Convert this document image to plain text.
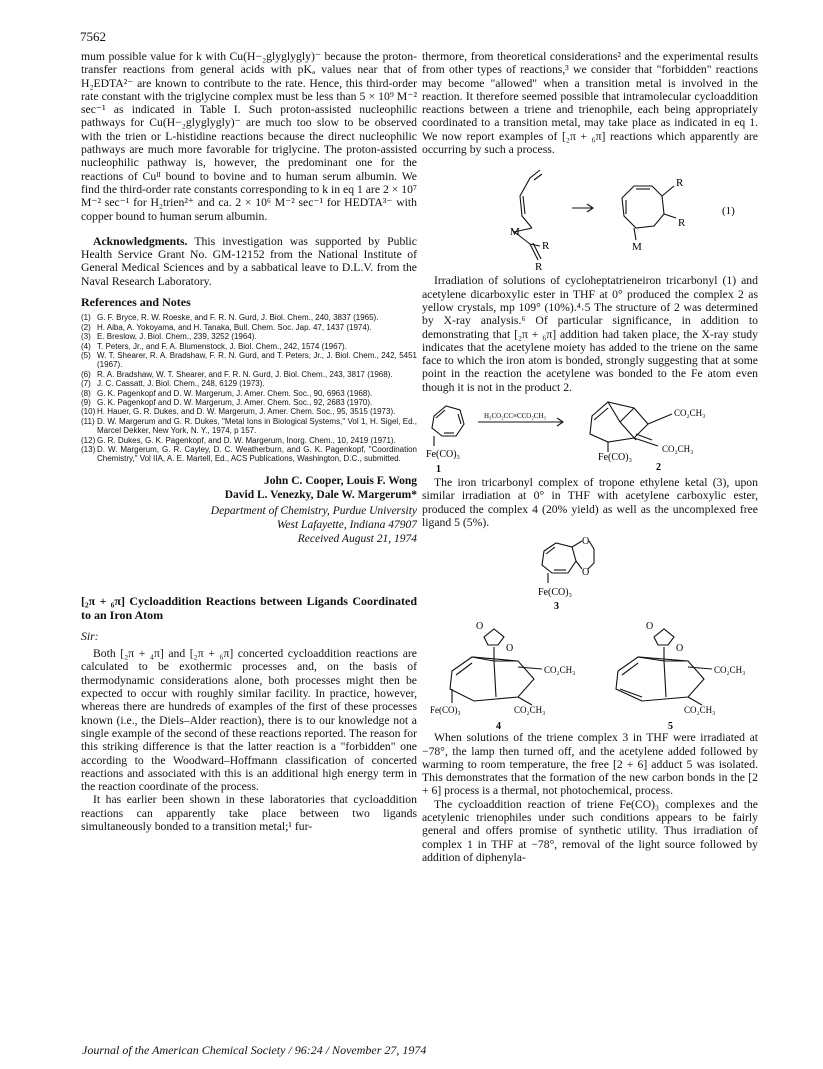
7562

mum possible value for k with Cu(H−₂glyglygly)⁻ because the proton-transfer reactions from general acids with pKₐ values near that of H₂EDTA²⁻ are known to contribute to the rate. Hence, this third-order rate constant with the triglycine complex must be less than 5 × 10⁹ M⁻² sec⁻¹ as indicated in Table I. Such proton-assisted nucleophilic pathways for Cu(H−₂glyglygly)⁻ are much too slow to be observed with the trien or L-histidine reactions because the direct nucleophilic pathways are much more favorable for triglycine. The proton-assisted nucleophilic pathway is, however, the predominant one for the reactions of Cuᴵᴵ bound to bovine and to human serum albumin. We find the third-order rate constants corresponding to k in eq 1 are 2 × 10⁷ M⁻² sec⁻¹ for H₂trien²⁺ and ca. 2 × 10⁶ M⁻² sec⁻¹ for HEDTA³⁻ with copper bound to human serum albumin.

Acknowledgments. This investigation was supported by Public Health Service Grant No. GM-12152 from the National Institute of General Medical Sciences and by a sabbatical leave to D.L.V. from the Naval Research Laboratory.

References and Notes
(1) G. F. Bryce, R. W. Roeske, and F. R. N. Gurd, J. Biol. Chem., 240, 3837 (1965).
(2) H. Aiba, A. Yokoyama, and H. Tanaka, Bull. Chem. Soc. Jap. 47, 1437 (1974).
(3) E. Breslow, J. Biol. Chem., 239, 3252 (1964).
(4) T. Peters, Jr., and F. A. Blumenstock, J. Biol. Chem., 242, 1574 (1967).
(5) W. T. Shearer, R. A. Bradshaw, F. R. N. Gurd, and T. Peters, Jr., J. Biol. Chem., 242, 5451 (1967).
(6) R. A. Bradshaw, W. T. Shearer, and F. R. N. Gurd, J. Biol. Chem., 243, 3817 (1968).
(7) J. C. Cassatt, J. Biol. Chem., 248, 6129 (1973).
(8) G. K. Pagenkopf and D. W. Margerum, J. Amer. Chem. Soc., 90, 6963 (1968).
(9) G. K. Pagenkopf and D. W. Margerum, J. Amer. Chem. Soc., 92, 2683 (1970).
(10) H. Hauer, G. R. Dukes, and D. W. Margerum, J. Amer. Chem. Soc., 95, 3515 (1973).
(11) D. W. Margerum and G. R. Dukes, "Metal Ions in Biological Systems," Vol 1, H. Sigel, Ed., Marcel Dekker, New York, N. Y., 1974, p 157.
(12) G. R. Dukes, G. K. Pagenkopf, and D. W. Margerum, Inorg. Chem., 10, 2419 (1971).
(13) D. W. Margerum, G. R. Cayley, D. C. Weatherburn, and G. K. Pagenkopf, "Coordination Chemistry," Vol IIA, A. E. Martell, Ed., ACS Publications, Washington, D.C., submitted.
John C. Cooper, Louis F. Wong
David L. Venezky, Dale W. Margerum*
Department of Chemistry, Purdue University
West Lafayette, Indiana 47907
Received August 21, 1974
[₂π + ₆π] Cycloaddition Reactions between Ligands Coordinated to an Iron Atom

Sir:

Both [₂π + ₄π] and [₂π + ₆π] concerted cycloaddition reactions are calculated to be exothermic processes and, on the basis of thermodynamic considerations alone, both processes might then be expected to occur with roughly similar facility. In practice, however, whereas there are hundreds of examples of the first of these processes known (i.e., the Diels–Alder reaction), there is to our knowledge not a single example of the second of these reactions reported. The reason for this striking difference is that the latter reaction is a "forbidden" one according to the Woodward–Hoffmann classification of concerted reactions and associated with this is an additional high energy term in the reaction coordinate of the process.

It has earlier been shown in these laboratories that cycloaddition reactions can apparently take place between two ligands simultaneously bonded to a transition metal;¹ fur-

thermore, from theoretical considerations² and the experimental results from other types of reactions,³ we consider that "forbidden" reactions may become "allowed" when a transition metal is involved in the reaction. It therefore seemed possible that intramolecular cycloaddition reactions between a triene and trienophile, each being appropriately coordinated to a transition metal, may take place as indicated in eq 1. We now report examples of [₂π + ₆π] reactions which apparently are occurring by such a process.

M
R
R
M
R
R
(1)

Irradiation of solutions of cycloheptatrieneiron tricarbonyl (1) and acetylene dicarboxylic ester in THF at 0° produced the complex 2 as yellow crystals, mp 109° (10%).⁴˒5 The structure of 2 was determined by X-ray analysis.⁶ Of particular significance, in addition to demonstrating that [₂π + ₆π] addition had taken place, the X-ray study indicates that the acetylene moiety has added to the triene on the same face to which the iron atom is bonded, strongly suggesting that at some point in the reaction the acetylene was bonded to the Fe atom even though it is not in the product 2.

H₃CO₂CC≡CCO₂CH₃
Fe(CO)₃
1
Fe(CO)₃
CO₂CH₃
CO₂CH₃
2

The iron tricarbonyl complex of tropone ethylene ketal (3), upon similar irradiation at 0° in THF with acetylene carboxylic ester, produced the complex 4 (20% yield) as well as the uncomplexed free ligand 5 (5%).

O
O
Fe(CO)₃
3
O
O
CO₂CH₃
Fe(CO)₃	CO₂CH₃
4
O
O
CO₂CH₃
CO₂CH₃
5

When solutions of the triene complex 3 in THF were irradiated at −78°, the lamp then turned off, and the acetylene added followed by warming to room temperature, the free [2 + 6] adduct 5 was isolated. This demonstrates that the formation of the new carbon bonds in the [2 + 6] process is a thermal, not photochemical, process.

The cycloaddition reaction of triene Fe(CO)₃ complexes and the acetylenic trienophiles under such conditions appears to be fairly general and offers promise of synthetic utility. Thus irradiation of complex 1 in THF at −78°, removal of the light source followed by addition of diphenyla-

Journal of the American Chemical Society / 96:24 / November 27, 1974
